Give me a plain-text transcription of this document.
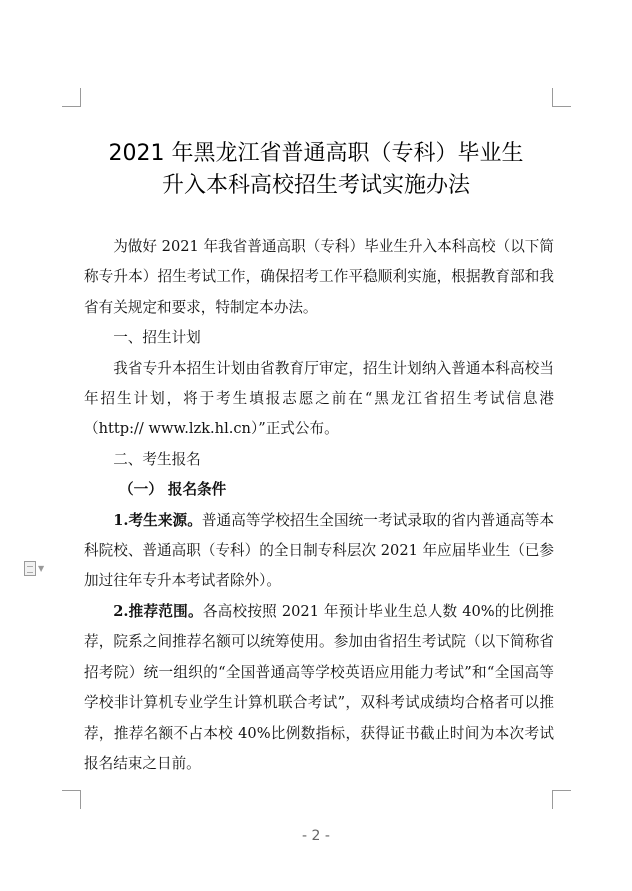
2021 年黑龙江省普通高职（专科）毕业生
升入本科高校招生考试实施办法

为做好 2021 年我省普通高职（专科）毕业生升入本科高校（以下简称专升本）招生考试工作，确保招考工作平稳顺利实施，根据教育部和我省有关规定和要求，特制定本办法。

一、招生计划

我省专升本招生计划由省教育厅审定，招生计划纳入普通本科高校当年招生计划，将于考生填报志愿之前在“黑龙江省招生考试信息港（http:// www.lzk.hl.cn）”正式公布。

二、考生报名

（一） 报名条件

1.考生来源。普通高等学校招生全国统一考试录取的省内普通高等本科院校、普通高职（专科）的全日制专科层次 2021 年应届毕业生（已参加过往年专升本考试者除外）。

2.推荐范围。各高校按照 2021 年预计毕业生总人数 40%的比例推荐，院系之间推荐名额可以统筹使用。参加由省招生考试院（以下简称省招考院）统一组织的“全国普通高等学校英语应用能力考试”和“全国高等学校非计算机专业学生计算机联合考试”，双科考试成绩均合格者可以推荐，推荐名额不占本校 40%比例数指标，获得证书截止时间为本次考试报名结束之日前。

▼
- 2 -
